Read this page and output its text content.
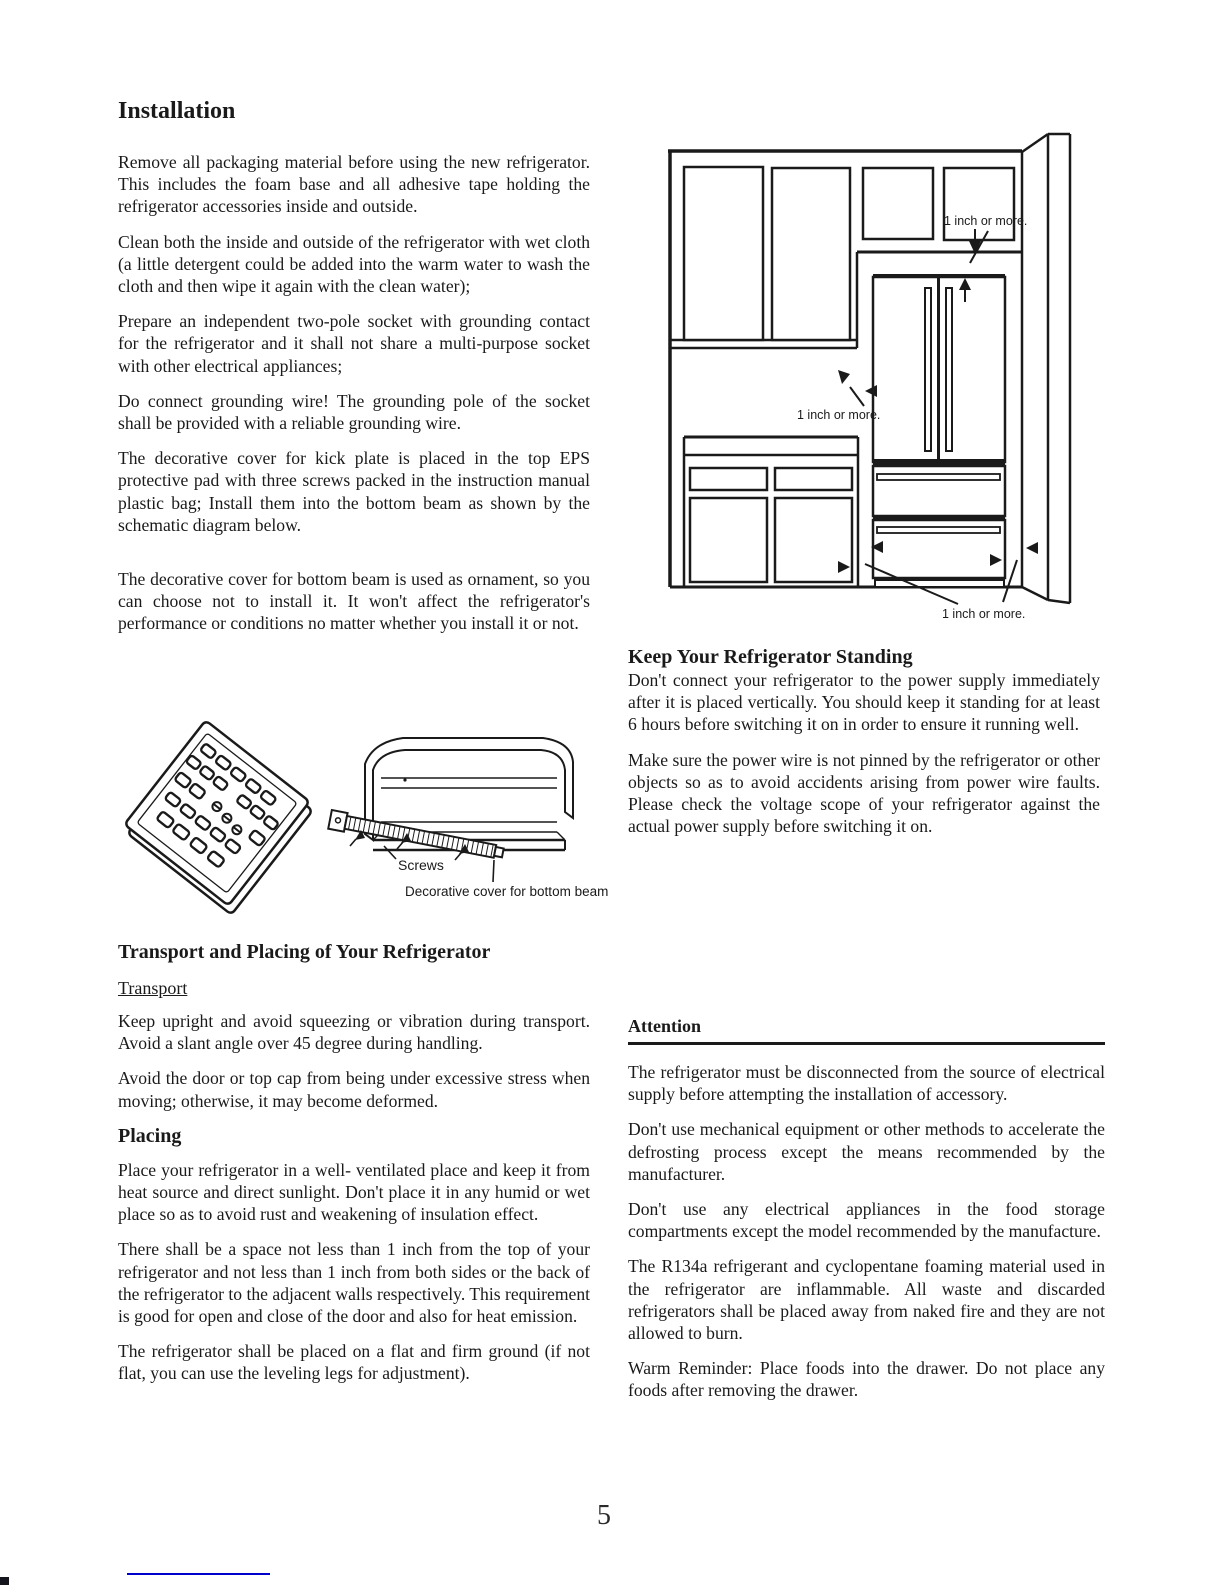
Installation

Remove all packaging material before using the new refrigerator. This includes the foam base and all adhesive tape holding the refrigerator accessories inside and outside.

Clean both the inside and outside of the refrigerator with wet cloth (a little detergent could be added into the warm water to wash the cloth and then wipe it again with the clean water);

Prepare an independent two-pole socket with grounding contact for the refrigerator and it shall not share a multi-purpose socket with other electrical appliances;

Do connect grounding wire! The grounding pole of the socket shall be provided with a reliable grounding wire.

The decorative cover for kick plate is placed in the top EPS protective pad with three screws packed in the instruction manual plastic bag; Install them into the bottom beam as shown by the schematic diagram below.

The decorative cover for bottom beam is used as ornament, so you can choose not to install it. It won't affect the refrigerator's performance or conditions no matter whether you install it or not.

Screws
Decorative cover for bottom beam
Transport and Placing of Your Refrigerator
Transport

Keep upright and avoid squeezing or vibration during transport. Avoid a slant angle over 45 degree during handling.

Avoid the door or top cap from being under excessive stress when moving; otherwise, it may become deformed.

Placing

Place your refrigerator in a well- ventilated place and keep it from heat source and direct sunlight. Don't place it in any humid or wet place so as to avoid rust and weakening of insulation effect.

There shall be a space not less than 1 inch from the top of your refrigerator and not less than 1 inch from both sides or the back of the refrigerator to the adjacent walls respectively. This requirement is good for open and close of the door and also for heat emission.

The refrigerator shall be placed on a flat and firm ground (if not flat, you can use the leveling legs for adjustment).

1 inch or more.
1 inch or more.
1 inch or more.
Keep Your Refrigerator Standing

Don't connect your refrigerator to the power supply immediately after it is placed vertically. You should keep it standing for at least 6 hours before switching it on in order to ensure it running well.

Make sure the power wire is not pinned by the refrigerator or other objects so as to avoid accidents arising from power wire faults. Please check the voltage scope of your refrigerator against the actual power supply before switching it on.

Attention

The refrigerator must be disconnected from the source of electrical supply before attempting the installation of accessory.

Don't use mechanical equipment or other methods to accelerate the defrosting process except the means recommended by the manufacturer.

Don't use any electrical appliances in the food storage compartments except the model recommended by the manufacture.

The R134a refrigerant and cyclopentane foaming material used in the refrigerator are inflammable. All waste and discarded refrigerators shall be placed away from naked fire and they are not allowed to burn.

Warm Reminder: Place foods into the drawer. Do not place any foods after removing the drawer.

5
